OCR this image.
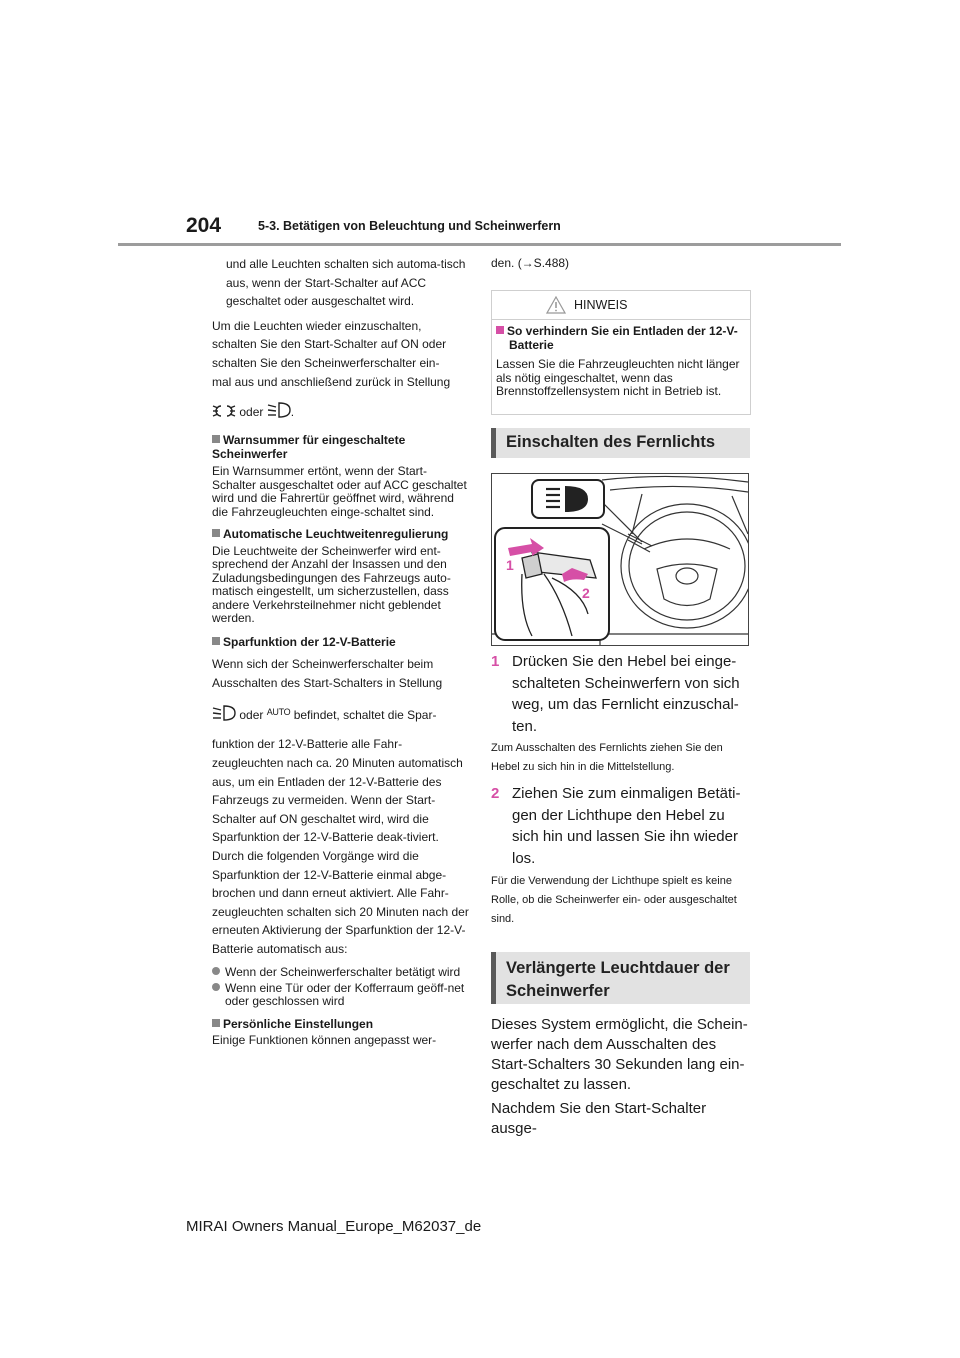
204	5-3. Betätigen von Beleuchtung und Scheinwerfern

und alle Leuchten schalten sich automa-tisch aus, wenn der Start-Schalter auf ACC geschaltet oder ausgeschaltet wird.

Um die Leuchten wieder einzuschalten,
schalten Sie den Start-Schalter auf ON oder
schalten Sie den Scheinwerferschalter ein-
mal aus und anschließend zurück in Stellung

oder .

Warnsummer für eingeschaltete Scheinwerfer

Ein Warnsummer ertönt, wenn der Start-Schalter ausgeschaltet oder auf ACC geschaltet wird und die Fahrertür geöffnet wird, während die Fahrzeugleuchten einge-schaltet sind.

Automatische Leuchtweitenregulierung

Die Leuchtweite der Scheinwerfer wird ent-sprechend der Anzahl der Insassen und den Zuladungsbedingungen des Fahrzeugs auto-matisch eingestellt, um sicherzustellen, dass andere Verkehrsteilnehmer nicht geblendet werden.

Sparfunktion der 12-V-Batterie

Wenn sich der Scheinwerferschalter beim
Ausschalten des Start-Schalters in Stellung

oder $^{AUTO}$ befindet, schaltet die Spar-

funktion der 12-V-Batterie alle Fahr-zeugleuchten nach ca. 20 Minuten automatisch aus, um ein Entladen der 12-V-Batterie des Fahrzeugs zu vermeiden. Wenn der Start-Schalter auf ON geschaltet wird, wird die Sparfunktion der 12-V-Batterie deak-tiviert. Durch die folgenden Vorgänge wird die Sparfunktion der 12-V-Batterie einmal abge-brochen und dann erneut aktiviert. Alle Fahr-zeugleuchten schalten sich 20 Minuten nach der erneuten Aktivierung der Sparfunktion der 12-V-Batterie automatisch aus:

Wenn der Scheinwerferschalter betätigt wird

Wenn eine Tür oder der Kofferraum geöff-net oder geschlossen wird

Persönliche Einstellungen

Einige Funktionen können angepasst wer-

den. (→S.488)
HINWEIS
So verhindern Sie ein Entladen der 12-V-Batterie
Lassen Sie die Fahrzeugleuchten nicht länger als nötig eingeschaltet, wenn das Brennstoffzellensystem nicht in Betrieb ist.
Einschalten des Fernlichts
1
2
1 Drücken Sie den Hebel bei einge-schalteten Scheinwerfern von sich weg, um das Fernlicht einzuschal-ten.
Zum Ausschalten des Fernlichts ziehen Sie den Hebel zu sich hin in die Mittelstellung.
2 Ziehen Sie zum einmaligen Betäti-gen der Lichthupe den Hebel zu sich hin und lassen Sie ihn wieder los.
Für die Verwendung der Lichthupe spielt es keine Rolle, ob die Scheinwerfer ein- oder ausgeschaltet sind.
Verlängerte Leuchtdauer der Scheinwerfer
Dieses System ermöglicht, die Schein-werfer nach dem Ausschalten des Start-Schalters 30 Sekunden lang ein-geschaltet zu lassen.
Nachdem Sie den Start-Schalter ausge-
MIRAI Owners Manual_Europe_M62037_de
